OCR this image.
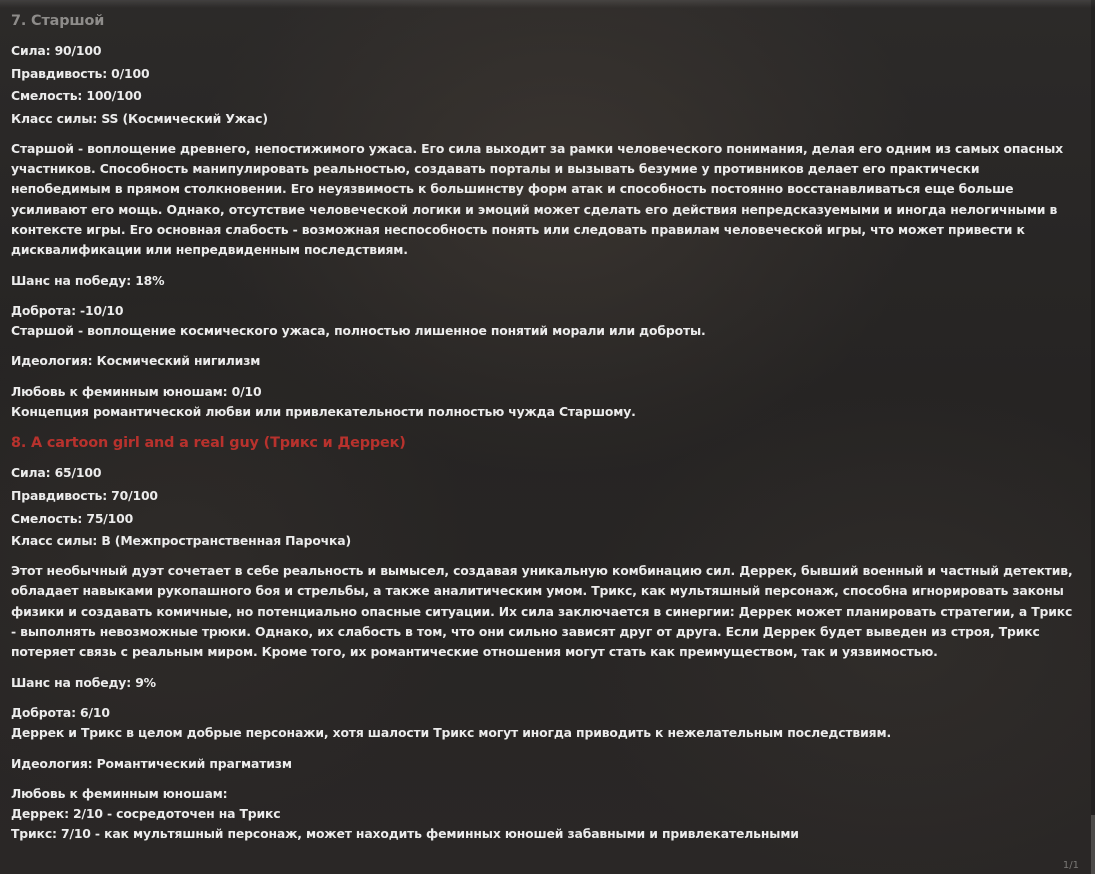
7. Старшой
Сила: 90/100
Правдивость: 0/100
Смелость: 100/100
Класс силы: SS (Космический Ужас)

Старшой - воплощение древнего, непостижимого ужаса. Его сила выходит за рамки человеческого понимания, делая его одним из самых опасных участников. Способность манипулировать реальностью, создавать порталы и вызывать безумие у противников делает его практически непобедимым в прямом столкновении. Его неуязвимость к большинству форм атак и способность постоянно восстанавливаться еще больше усиливают его мощь. Однако, отсутствие человеческой логики и эмоций может сделать его действия непредсказуемыми и иногда нелогичными в контексте игры. Его основная слабость - возможная неспособность понять или следовать правилам человеческой игры, что может привести к дисквалификации или непредвиденным последствиям.

Шанс на победу: 18%

Доброта: -10/10

Старшой - воплощение космического ужаса, полностью лишенное понятий морали или доброты.

Идеология: Космический нигилизм

Любовь к феминным юношам: 0/10

Концепция романтической любви или привлекательности полностью чужда Старшому.

8. A cartoon girl and a real guy (Трикс и Деррек)
Сила: 65/100
Правдивость: 70/100
Смелость: 75/100
Класс силы: B (Межпространственная Парочка)

Этот необычный дуэт сочетает в себе реальность и вымысел, создавая уникальную комбинацию сил. Деррек, бывший военный и частный детектив, обладает навыками рукопашного боя и стрельбы, а также аналитическим умом. Трикс, как мультяшный персонаж, способна игнорировать законы физики и создавать комичные, но потенциально опасные ситуации. Их сила заключается в синергии: Деррек может планировать стратегии, а Трикс - выполнять невозможные трюки. Однако, их слабость в том, что они сильно зависят друг от друга. Если Деррек будет выведен из строя, Трикс потеряет связь с реальным миром. Кроме того, их романтические отношения могут стать как преимуществом, так и уязвимостью.

Шанс на победу: 9%

Доброта: 6/10

Деррек и Трикс в целом добрые персонажи, хотя шалости Трикс могут иногда приводить к нежелательным последствиям.

Идеология: Романтический прагматизм

Любовь к феминным юношам:

Деррек: 2/10 - сосредоточен на Трикс

Трикс: 7/10 - как мультяшный персонаж, может находить феминных юношей забавными и привлекательными

1/1
